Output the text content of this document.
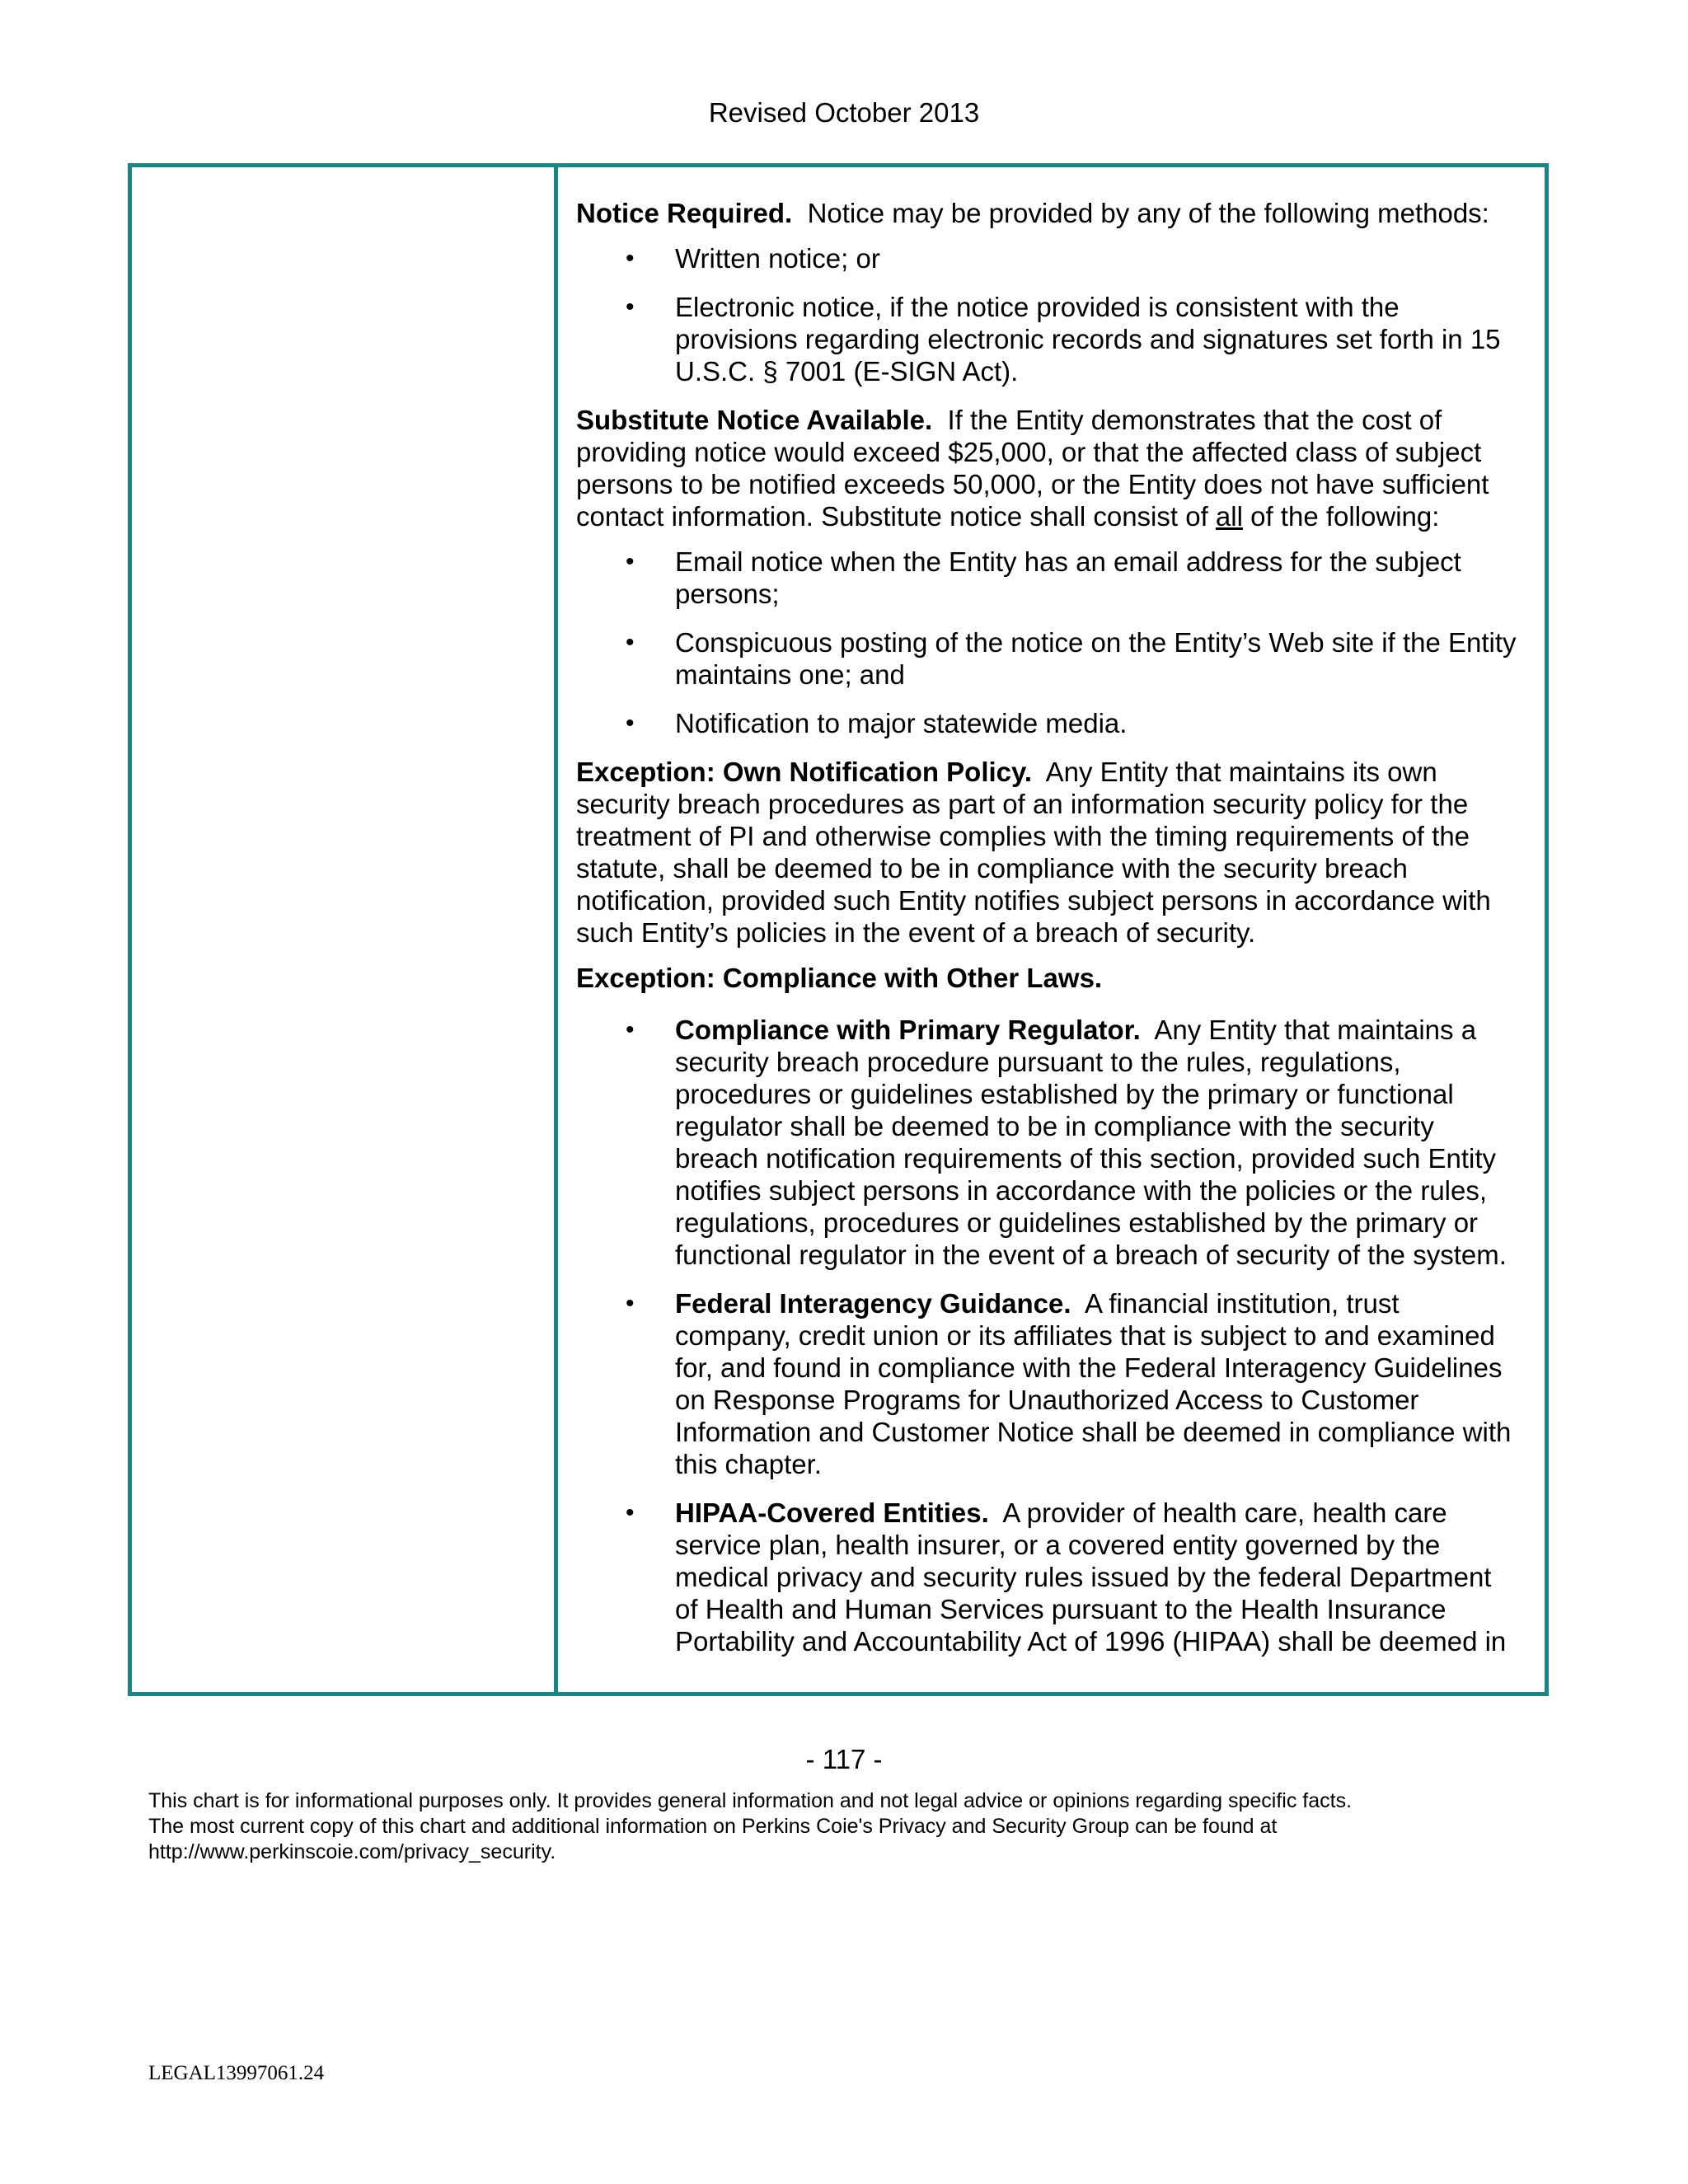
Revised October 2013

Notice Required. Notice may be provided by any of the following methods:

• Written notice; or
• Electronic notice, if the notice provided is consistent with the provisions regarding electronic records and signatures set forth in 15 U.S.C. § 7001 (E-SIGN Act).

Substitute Notice Available. If the Entity demonstrates that the cost of providing notice would exceed $25,000, or that the affected class of subject persons to be notified exceeds 50,000, or the Entity does not have sufficient contact information. Substitute notice shall consist of all of the following:

• Email notice when the Entity has an email address for the subject persons;
• Conspicuous posting of the notice on the Entity’s Web site if the Entity maintains one; and
• Notification to major statewide media.

Exception: Own Notification Policy. Any Entity that maintains its own security breach procedures as part of an information security policy for the treatment of PI and otherwise complies with the timing requirements of the statute, shall be deemed to be in compliance with the security breach notification, provided such Entity notifies subject persons in accordance with such Entity’s policies in the event of a breach of security.

Exception: Compliance with Other Laws.

• Compliance with Primary Regulator. Any Entity that maintains a security breach procedure pursuant to the rules, regulations, procedures or guidelines established by the primary or functional regulator shall be deemed to be in compliance with the security breach notification requirements of this section, provided such Entity notifies subject persons in accordance with the policies or the rules, regulations, procedures or guidelines established by the primary or functional regulator in the event of a breach of security of the system.
• Federal Interagency Guidance. A financial institution, trust company, credit union or its affiliates that is subject to and examined for, and found in compliance with the Federal Interagency Guidelines on Response Programs for Unauthorized Access to Customer Information and Customer Notice shall be deemed in compliance with this chapter.
• HIPAA-Covered Entities. A provider of health care, health care service plan, health insurer, or a covered entity governed by the medical privacy and security rules issued by the federal Department of Health and Human Services pursuant to the Health Insurance Portability and Accountability Act of 1996 (HIPAA) shall be deemed in
- 117 -
This chart is for informational purposes only. It provides general information and not legal advice or opinions regarding specific facts.
The most current copy of this chart and additional information on Perkins Coie's Privacy and Security Group can be found at
http://www.perkinscoie.com/privacy_security.
LEGAL13997061.24
